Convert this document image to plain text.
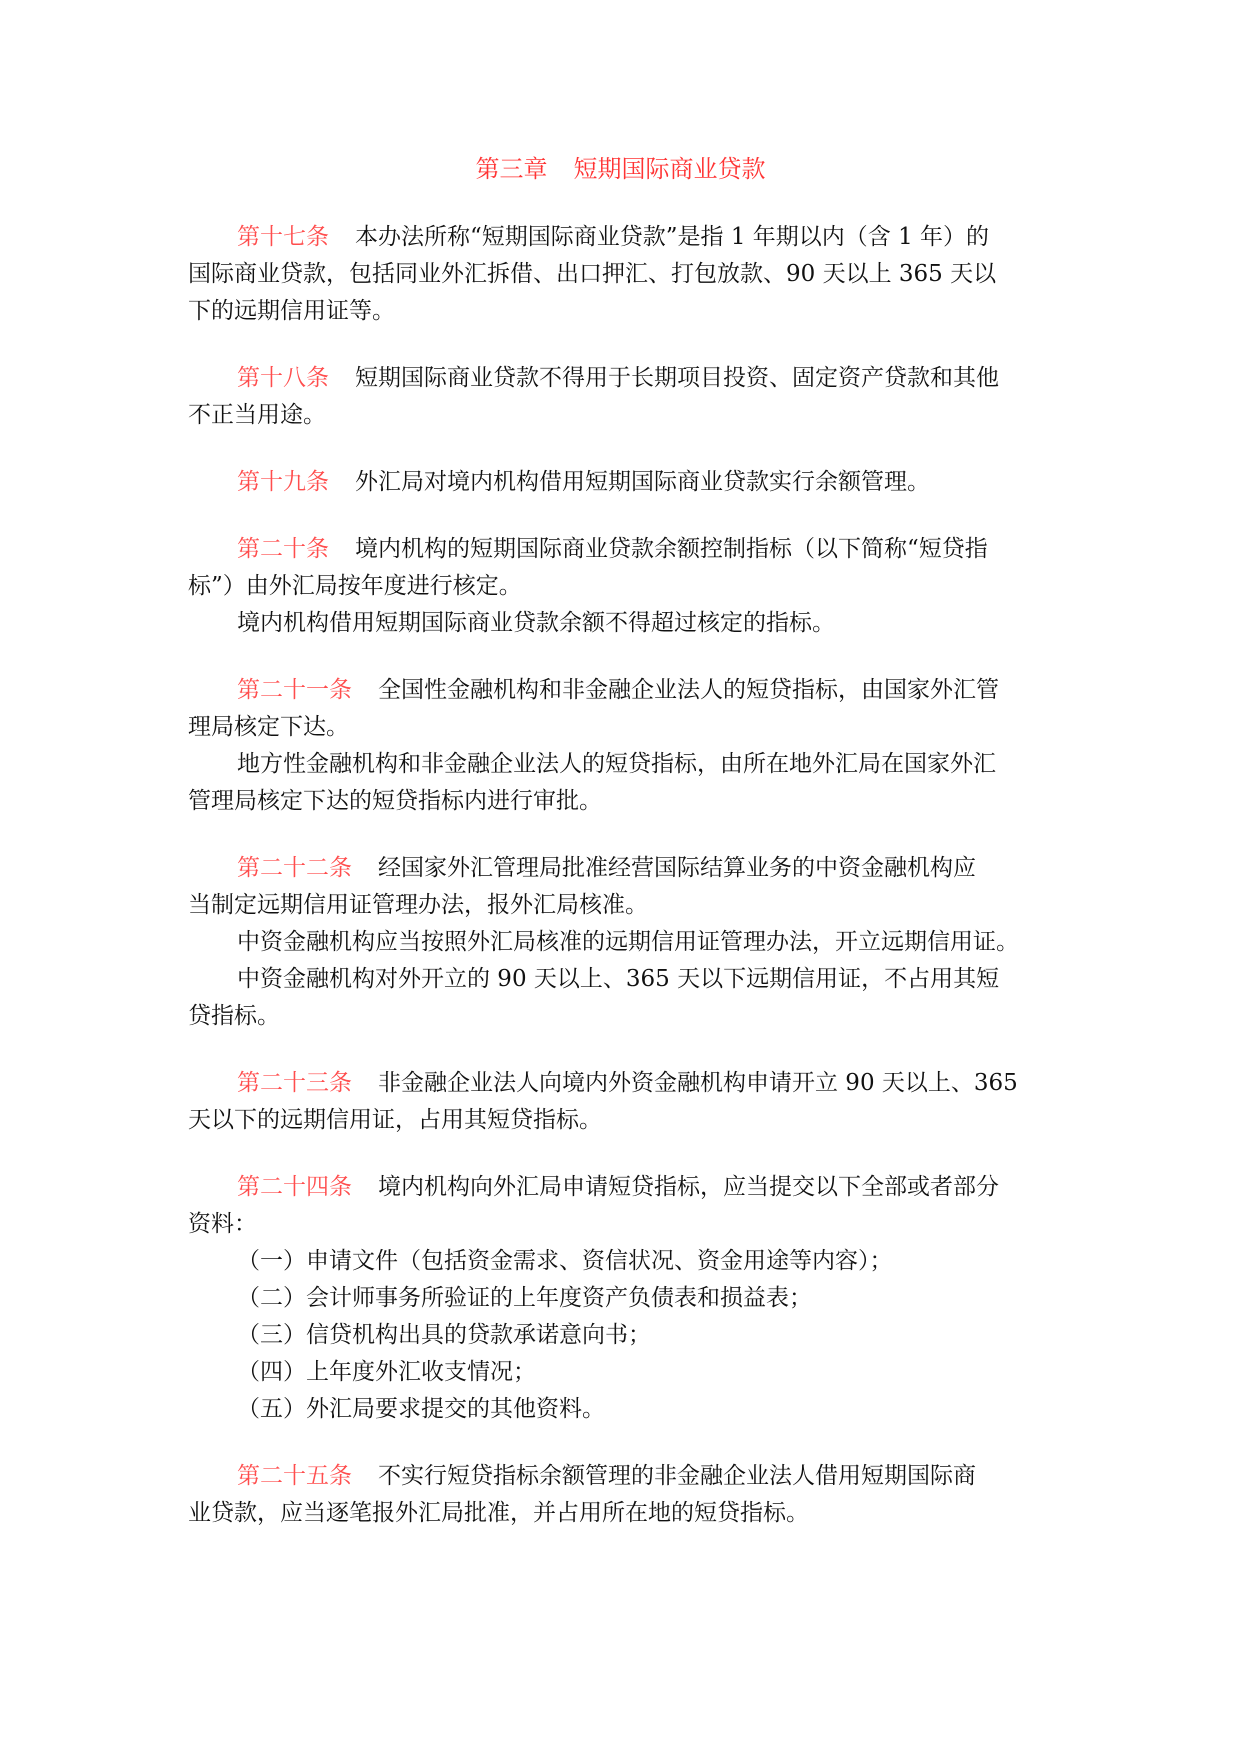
第三章 短期国际商业贷款
第十七条 本办法所称“短期国际商业贷款”是指 1 年期以内（含 1 年）的
国际商业贷款，包括同业外汇拆借、出口押汇、打包放款、90 天以上 365 天以
下的远期信用证等。
第十八条 短期国际商业贷款不得用于长期项目投资、固定资产贷款和其他
不正当用途。
第十九条 外汇局对境内机构借用短期国际商业贷款实行余额管理。
第二十条 境内机构的短期国际商业贷款余额控制指标（以下简称“短贷指
标”）由外汇局按年度进行核定。
境内机构借用短期国际商业贷款余额不得超过核定的指标。
第二十一条 全国性金融机构和非金融企业法人的短贷指标，由国家外汇管
理局核定下达。
地方性金融机构和非金融企业法人的短贷指标，由所在地外汇局在国家外汇
管理局核定下达的短贷指标内进行审批。
第二十二条 经国家外汇管理局批准经营国际结算业务的中资金融机构应
当制定远期信用证管理办法，报外汇局核准。
中资金融机构应当按照外汇局核准的远期信用证管理办法，开立远期信用证。
中资金融机构对外开立的 90 天以上、365 天以下远期信用证，不占用其短
贷指标。
第二十三条 非金融企业法人向境内外资金融机构申请开立 90 天以上、365
天以下的远期信用证，占用其短贷指标。
第二十四条 境内机构向外汇局申请短贷指标，应当提交以下全部或者部分
资料：
（一）申请文件（包括资金需求、资信状况、资金用途等内容）；
（二）会计师事务所验证的上年度资产负债表和损益表；
（三）信贷机构出具的贷款承诺意向书；
（四）上年度外汇收支情况；
（五）外汇局要求提交的其他资料。
第二十五条 不实行短贷指标余额管理的非金融企业法人借用短期国际商
业贷款，应当逐笔报外汇局批准，并占用所在地的短贷指标。
